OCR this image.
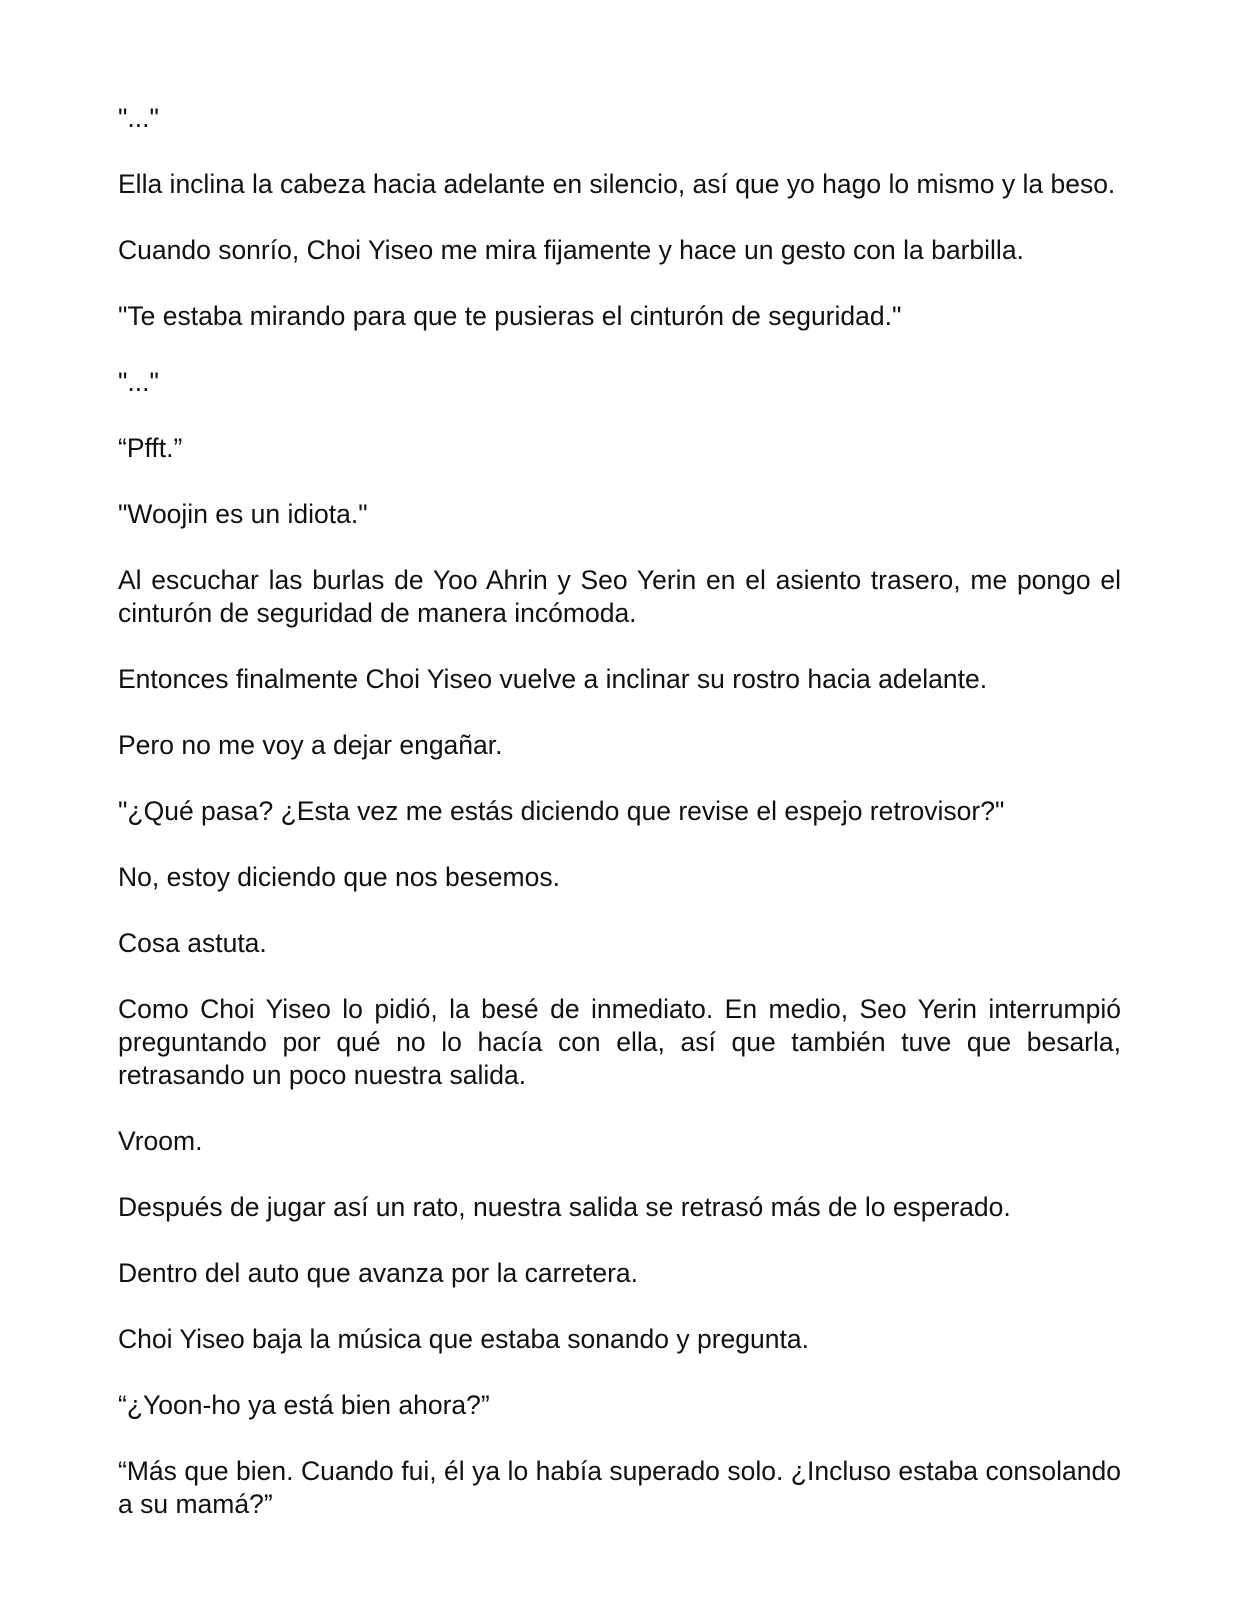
"..."

Ella inclina la cabeza hacia adelante en silencio, así que yo hago lo mismo y la beso.

Cuando sonrío, Choi Yiseo me mira fijamente y hace un gesto con la barbilla.

"Te estaba mirando para que te pusieras el cinturón de seguridad."

"..."

“Pfft.”

"Woojin es un idiota."

Al escuchar las burlas de Yoo Ahrin y Seo Yerin en el asiento trasero, me pongo el cinturón de seguridad de manera incómoda.

Entonces finalmente Choi Yiseo vuelve a inclinar su rostro hacia adelante.

Pero no me voy a dejar engañar.

"¿Qué pasa? ¿Esta vez me estás diciendo que revise el espejo retrovisor?"

No, estoy diciendo que nos besemos.

Cosa astuta.

Como Choi Yiseo lo pidió, la besé de inmediato. En medio, Seo Yerin interrumpió preguntando por qué no lo hacía con ella, así que también tuve que besarla, retrasando un poco nuestra salida.

Vroom.

Después de jugar así un rato, nuestra salida se retrasó más de lo esperado.

Dentro del auto que avanza por la carretera.

Choi Yiseo baja la música que estaba sonando y pregunta.

“¿Yoon-ho ya está bien ahora?”

“Más que bien. Cuando fui, él ya lo había superado solo. ¿Incluso estaba consolando a su mamá?”
